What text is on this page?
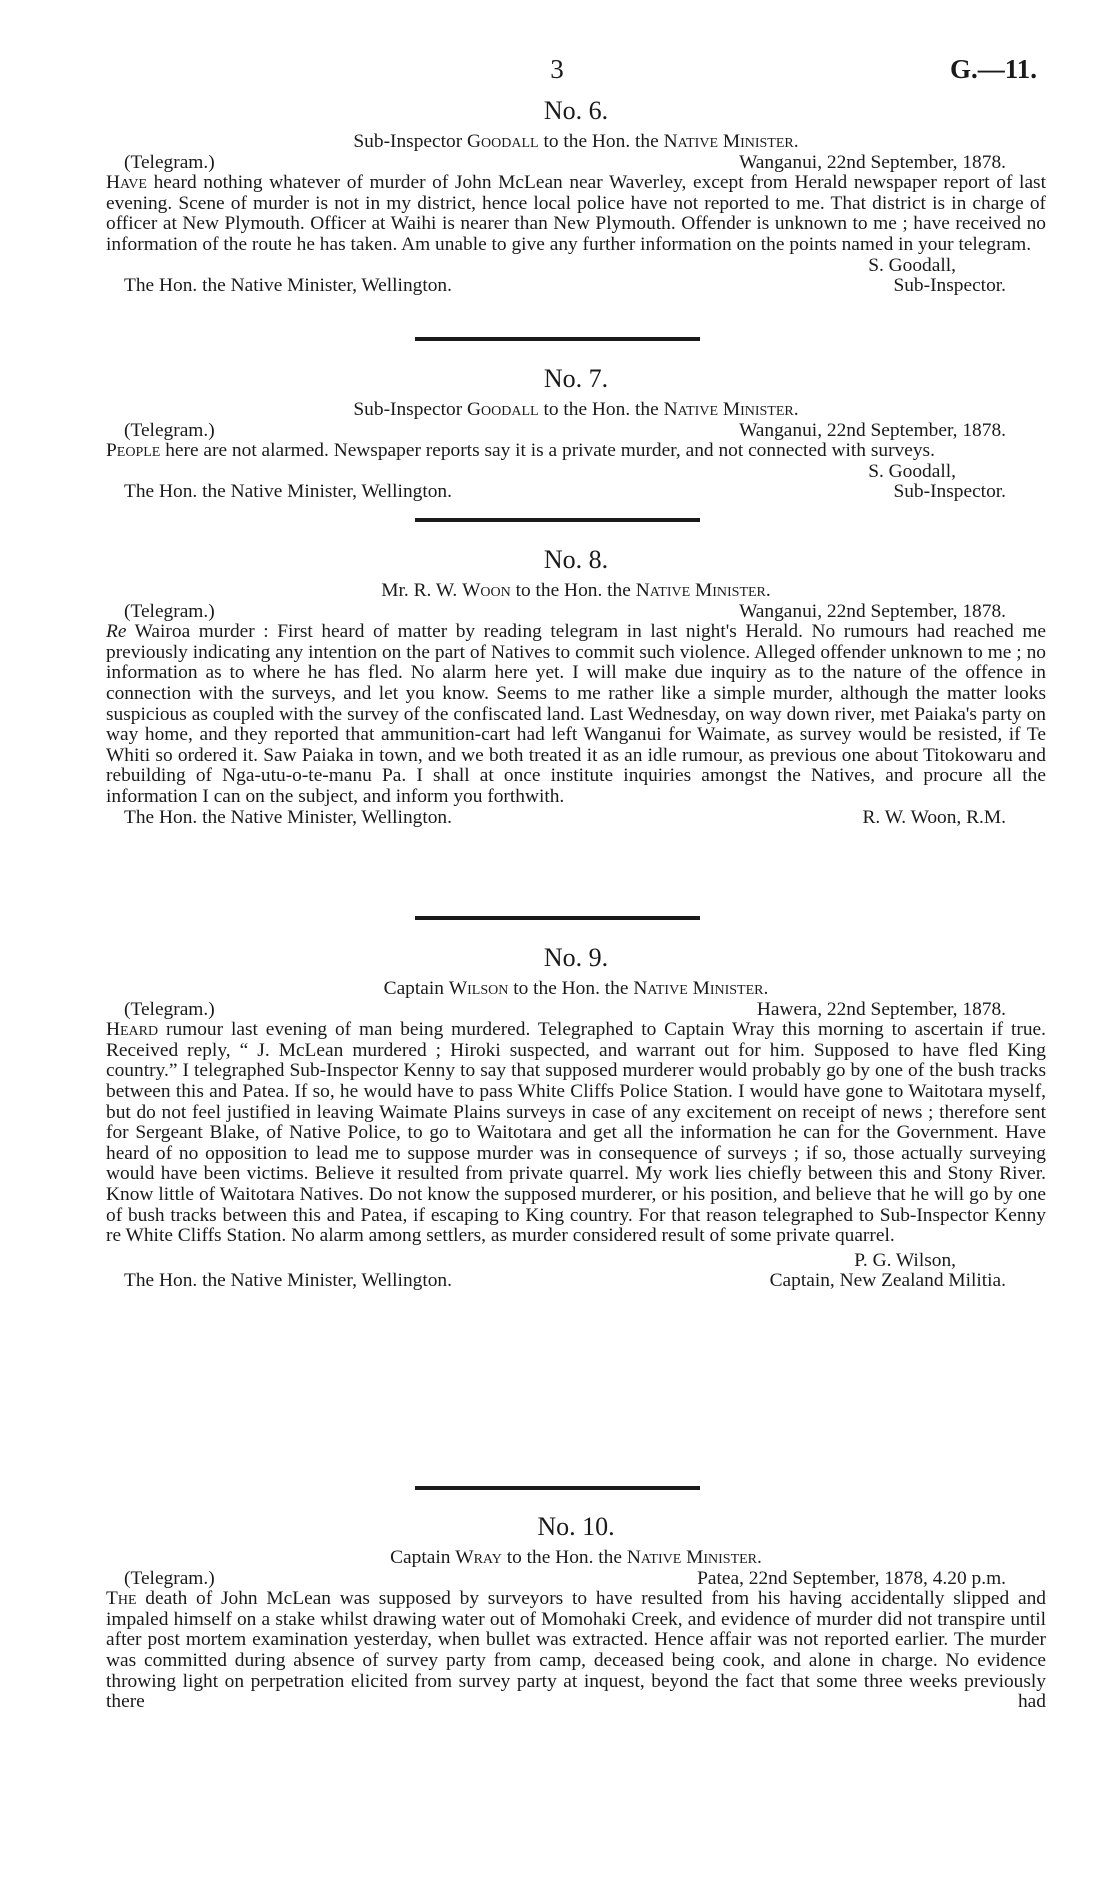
3	G.—11.
No. 6.
Sub-Inspector Goodall to the Hon. the Native Minister.
(Telegram.)	Wanganui, 22nd September, 1878.
Have heard nothing whatever of murder of John McLean near Waverley, except from Herald newspaper report of last evening. Scene of murder is not in my district, hence local police have not reported to me. That district is in charge of officer at New Plymouth. Officer at Waihi is nearer than New Plymouth. Offender is unknown to me ; have received no information of the route he has taken. Am unable to give any further information on the points named in your telegram.
S. Goodall,
The Hon. the Native Minister, Wellington.	Sub-Inspector.
No. 7.
Sub-Inspector Goodall to the Hon. the Native Minister.
(Telegram.)	Wanganui, 22nd September, 1878.
People here are not alarmed. Newspaper reports say it is a private murder, and not connected with surveys.
S. Goodall,
The Hon. the Native Minister, Wellington.	Sub-Inspector.
No. 8.
Mr. R. W. Woon to the Hon. the Native Minister.
(Telegram.)	Wanganui, 22nd September, 1878.
Re Wairoa murder : First heard of matter by reading telegram in last night's Herald. No rumours had reached me previously indicating any intention on the part of Natives to commit such violence. Alleged offender unknown to me ; no information as to where he has fled. No alarm here yet. I will make due inquiry as to the nature of the offence in connection with the surveys, and let you know. Seems to me rather like a simple murder, although the matter looks suspicious as coupled with the survey of the confiscated land. Last Wednesday, on way down river, met Paiaka's party on way home, and they reported that ammunition-cart had left Wanganui for Waimate, as survey would be resisted, if Te Whiti so ordered it. Saw Paiaka in town, and we both treated it as an idle rumour, as previous one about Titokowaru and rebuilding of Nga-utu-o-te-manu Pa. I shall at once institute inquiries amongst the Natives, and procure all the information I can on the subject, and inform you forthwith.
The Hon. the Native Minister, Wellington.	R. W. Woon, R.M.
No. 9.
Captain Wilson to the Hon. the Native Minister.
(Telegram.)	Hawera, 22nd September, 1878.
Heard rumour last evening of man being murdered. Telegraphed to Captain Wray this morning to ascertain if true. Received reply, “ J. McLean murdered ; Hiroki suspected, and warrant out for him. Supposed to have fled King country.” I telegraphed Sub-Inspector Kenny to say that supposed murderer would probably go by one of the bush tracks between this and Patea. If so, he would have to pass White Cliffs Police Station. I would have gone to Waitotara myself, but do not feel justified in leaving Waimate Plains surveys in case of any excitement on receipt of news ; therefore sent for Sergeant Blake, of Native Police, to go to Waitotara and get all the information he can for the Government. Have heard of no opposition to lead me to suppose murder was in consequence of surveys ; if so, those actually surveying would have been victims. Believe it resulted from private quarrel. My work lies chiefly between this and Stony River. Know little of Waitotara Natives. Do not know the supposed murderer, or his position, and believe that he will go by one of bush tracks between this and Patea, if escaping to King country. For that reason telegraphed to Sub-Inspector Kenny re White Cliffs Station. No alarm among settlers, as murder considered result of some private quarrel.
P. G. Wilson,
The Hon. the Native Minister, Wellington.	Captain, New Zealand Militia.
No. 10.
Captain Wray to the Hon. the Native Minister.
(Telegram.)	Patea, 22nd September, 1878, 4.20 p.m.
The death of John McLean was supposed by surveyors to have resulted from his having accidentally slipped and impaled himself on a stake whilst drawing water out of Momohaki Creek, and evidence of murder did not transpire until after post mortem examination yesterday, when bullet was extracted. Hence affair was not reported earlier. The murder was committed during absence of survey party from camp, deceased being cook, and alone in charge. No evidence throwing light on perpetration elicited from survey party at inquest, beyond the fact that some three weeks previously there had
